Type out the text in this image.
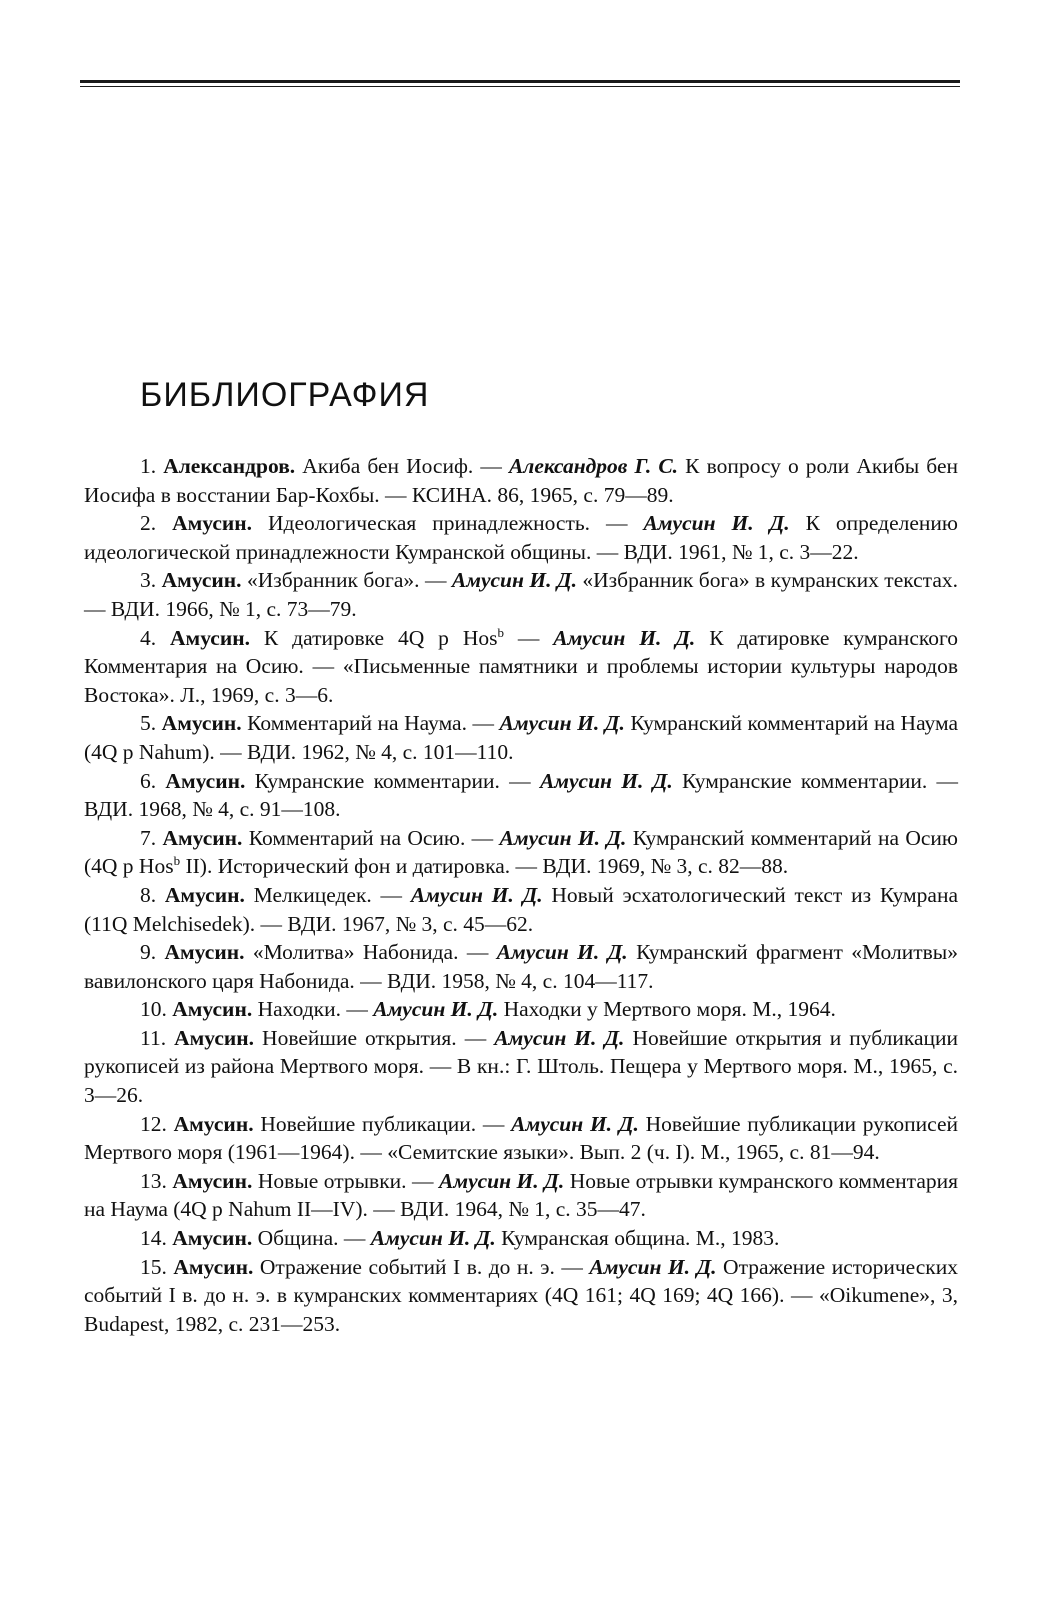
БИБЛИОГРАФИЯ

1. Александров. Акиба бен Иосиф. — Александров Г. С. К вопросу о роли Акибы бен Иосифа в восстании Бар-Кохбы. — КСИНА. 86, 1965, с. 79—89.

2. Амусин. Идеологическая принадлежность. — Амусин И. Д. К определению идеологической принадлежности Кумранской общины. — ВДИ. 1961, № 1, с. 3—22.

3. Амусин. «Избранник бога». — Амусин И. Д. «Избранник бога» в кумранских текстах. — ВДИ. 1966, № 1, с. 73—79.

4. Амусин. К датировке 4Q p Hos$^b$ — Амусин И. Д. К датировке кумранского Комментария на Осию. — «Письменные памятники и проблемы истории культуры народов Востока». Л., 1969, с. 3—6.

5. Амусин. Комментарий на Наума. — Амусин И. Д. Кумранский комментарий на Наума (4Q p Nahum). — ВДИ. 1962, № 4, с. 101—110.

6. Амусин. Кумранские комментарии. — Амусин И. Д. Кумранские комментарии. — ВДИ. 1968, № 4, с. 91—108.

7. Амусин. Комментарий на Осию. — Амусин И. Д. Кумранский комментарий на Осию (4Q p Hos$^b$ II). Исторический фон и датировка. — ВДИ. 1969, № 3, с. 82—88.

8. Амусин. Мелкицедек. — Амусин И. Д. Новый эсхатологический текст из Кумрана (11Q Melchisedek). — ВДИ. 1967, № 3, с. 45—62.

9. Амусин. «Молитва» Набонида. — Амусин И. Д. Кумранский фрагмент «Молитвы» вавилонского царя Набонида. — ВДИ. 1958, № 4, с. 104—117.

10. Амусин. Находки. — Амусин И. Д. Находки у Мертвого моря. М., 1964.

11. Амусин. Новейшие открытия. — Амусин И. Д. Новейшие открытия и публикации рукописей из района Мертвого моря. — В кн.: Г. Штоль. Пещера у Мертвого моря. М., 1965, с. 3—26.

12. Амусин. Новейшие публикации. — Амусин И. Д. Новейшие публикации рукописей Мертвого моря (1961—1964). — «Семитские языки». Вып. 2 (ч. I). М., 1965, с. 81—94.

13. Амусин. Новые отрывки. — Амусин И. Д. Новые отрывки кумранского комментария на Наума (4Q p Nahum II—IV). — ВДИ. 1964, № 1, с. 35—47.

14. Амусин. Община. — Амусин И. Д. Кумранская община. М., 1983.

15. Амусин. Отражение событий I в. до н. э. — Амусин И. Д. Отражение исторических событий I в. до н. э. в кумранских комментариях (4Q 161; 4Q 169; 4Q 166). — «Oikumene», 3, Budapest, 1982, с. 231—253.
